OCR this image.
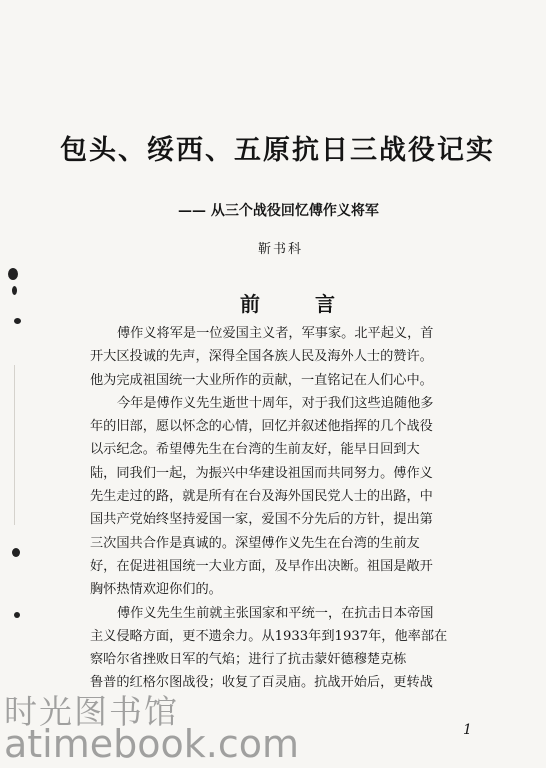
包头、绥西、五原抗日三战役记实
—— 从三个战役回忆傅作义将军
靳书科
前 言
傅作义将军是一位爱国主义者，军事家。北平起义，首
开大区投诚的先声，深得全国各族人民及海外人士的赞许。
他为完成祖国统一大业所作的贡献，一直铭记在人们心中。
今年是傅作义先生逝世十周年，对于我们这些追随他多
年的旧部，愿以怀念的心情，回忆并叙述他指挥的几个战役
以示纪念。希望傅先生在台湾的生前友好，能早日回到大
陆，同我们一起，为振兴中华建设祖国而共同努力。傅作义
先生走过的路，就是所有在台及海外国民党人士的出路，中
国共产党始终坚持爱国一家，爱国不分先后的方针，提出第
三次国共合作是真诚的。深望傅作义先生在台湾的生前友
好，在促进祖国统一大业方面，及早作出决断。祖国是敞开
胸怀热情欢迎你们的。
傅作义先生生前就主张国家和平统一，在抗击日本帝国
主义侵略方面，更不遗余力。从1933年到1937年，他率部在
察哈尔省挫败日军的气焰；进行了抗击蒙奸德穆楚克栋
鲁普的红格尔图战役；收复了百灵庙。抗战开始后，更转战
1
时光图书馆
atimebook.com
